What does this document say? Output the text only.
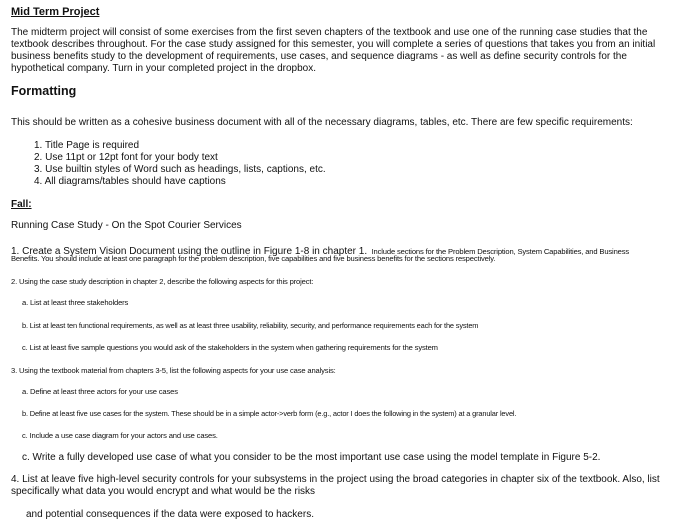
Mid Term Project
The midterm project will consist of some exercises from the first seven chapters of the textbook and use one of the running case studies that the
textbook describes throughout. For the case study assigned for this semester, you will complete a series of questions that takes you from an initial
business benefits study to the development of requirements, use cases, and sequence diagrams - as well as define security controls for the
hypothetical company. Turn in your completed project in the dropbox.
Formatting
This should be written as a cohesive business document with all of the necessary diagrams, tables, etc. There are few specific requirements:
1. Title Page is required
2. Use 11pt or 12pt font for your body text
3. Use builtin styles of Word such as headings, lists, captions, etc.
4. All diagrams/tables should have captions
Fall:
Running Case Study - On the Spot Courier Services
1. Create a System Vision Document using the outline in Figure 1-8 in chapter 1. Include sections for the Problem Description, System Capabilities, and Business
Benefits. You should include at least one paragraph for the problem description, five capabilities and five business benefits for the sections respectively.
2. Using the case study description in chapter 2, describe the following aspects for this project:
a. List at least three stakeholders
b. List at least ten functional requirements, as well as at least three usability, reliability, security, and performance requirements each for the system
c. List at least five sample questions you would ask of the stakeholders in the system when gathering requirements for the system
3. Using the textbook material from chapters 3-5, list the following aspects for your use case analysis:
a. Define at least three actors for your use cases
b. Define at least five use cases for the system. These should be in a simple actor->verb form (e.g., actor I does the following in the system) at a granular level.
c. Include a use case diagram for your actors and use cases.
c. Write a fully developed use case of what you consider to be the most important use case using the model template in Figure 5-2.
4. List at leave five high-level security controls for your subsystems in the project using the broad categories in chapter six of the textbook. Also, list
specifically what data you would encrypt and what would be the risks
and potential consequences if the data were exposed to hackers.
